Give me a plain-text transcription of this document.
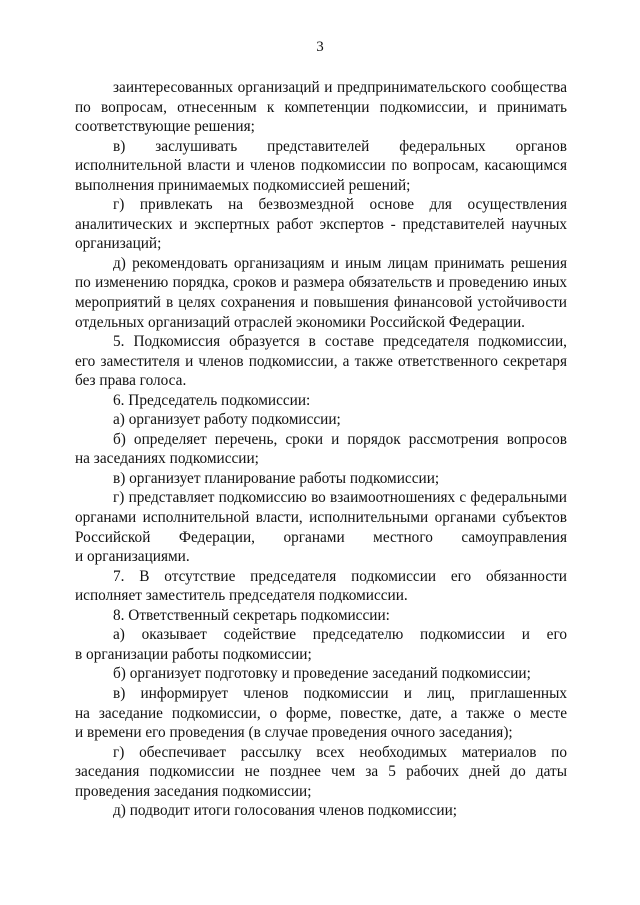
3
заинтересованных организаций и предпринимательского сообщества
по вопросам, отнесенным к компетенции подкомиссии, и принимать
соответствующие решения;
в) заслушивать представителей федеральных органов
исполнительной власти и членов подкомиссии по вопросам, касающимся
выполнения принимаемых подкомиссией решений;
г) привлекать на безвозмездной основе для осуществления
аналитических и экспертных работ экспертов - представителей научных
организаций;
д) рекомендовать организациям и иным лицам принимать решения
по изменению порядка, сроков и размера обязательств и проведению иных
мероприятий в целях сохранения и повышения финансовой устойчивости
отдельных организаций отраслей экономики Российской Федерации.
5. Подкомиссия образуется в составе председателя подкомиссии,
его заместителя и членов подкомиссии, а также ответственного секретаря
без права голоса.
6. Председатель подкомиссии:
а) организует работу подкомиссии;
б) определяет перечень, сроки и порядок рассмотрения вопросов
на заседаниях подкомиссии;
в) организует планирование работы подкомиссии;
г) представляет подкомиссию во взаимоотношениях с федеральными
органами исполнительной власти, исполнительными органами субъектов
Российской Федерации, органами местного самоуправления
и организациями.
7. В отсутствие председателя подкомиссии его обязанности
исполняет заместитель председателя подкомиссии.
8. Ответственный секретарь подкомиссии:
а) оказывает содействие председателю подкомиссии и его
в организации работы подкомиссии;
б) организует подготовку и проведение заседаний подкомиссии;
в) информирует членов подкомиссии и лиц, приглашенных
на заседание подкомиссии, о форме, повестке, дате, а также о месте
и времени его проведения (в случае проведения очного заседания);
г) обеспечивает рассылку всех необходимых материалов по
заседания подкомиссии не позднее чем за 5 рабочих дней до даты
проведения заседания подкомиссии;
д) подводит итоги голосования членов подкомиссии;
